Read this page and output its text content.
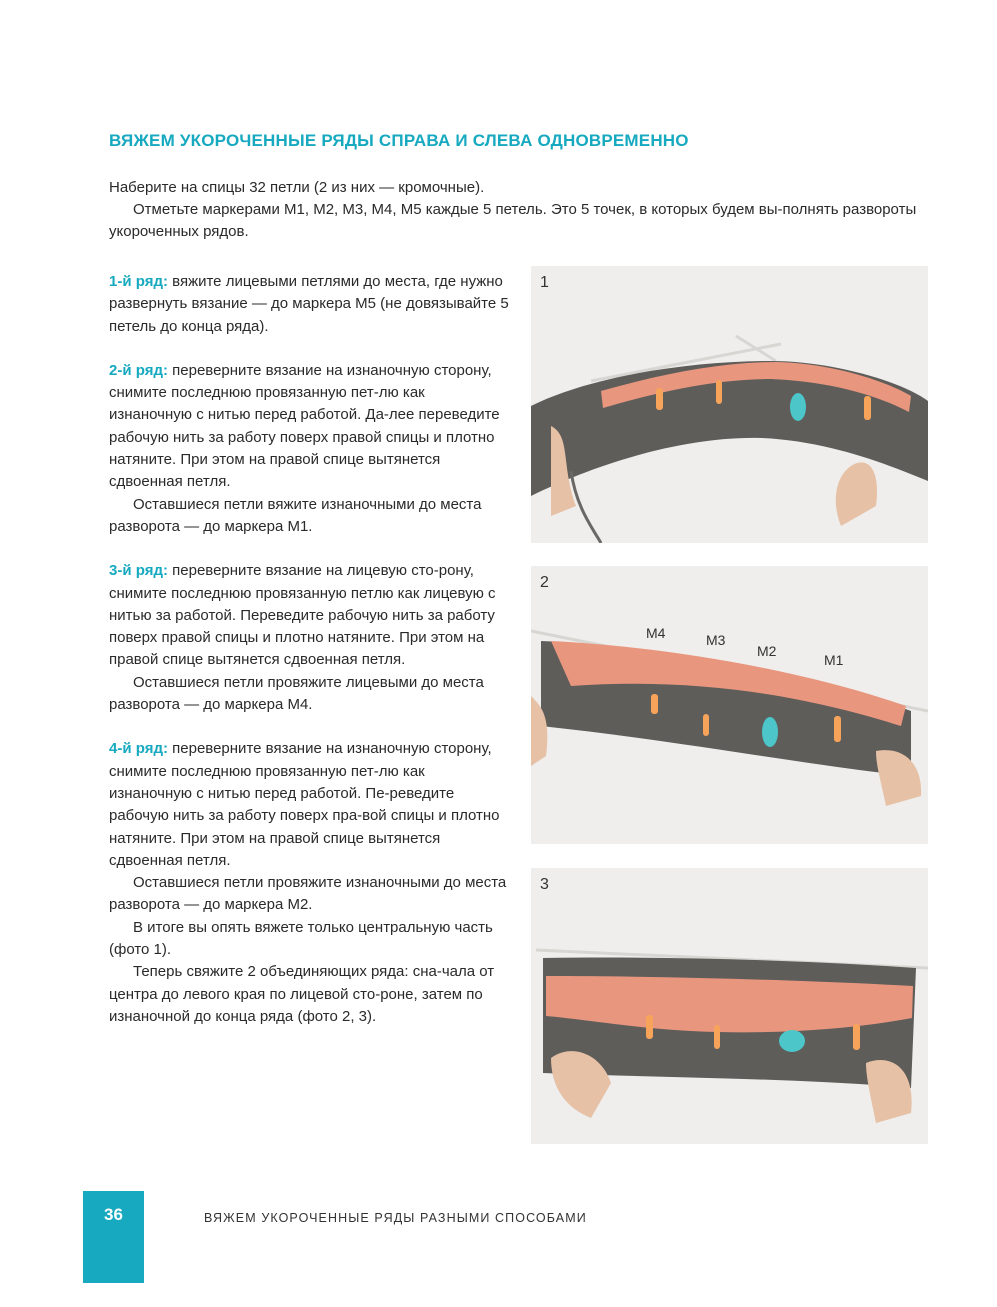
ВЯЖЕМ УКОРОЧЕННЫЕ РЯДЫ СПРАВА И СЛЕВА ОДНОВРЕМЕННО

Наберите на спицы 32 петли (2 из них — кромочные).

Отметьте маркерами М1, М2, М3, М4, М5 каждые 5 петель. Это 5 точек, в которых будем вы-полнять развороты укороченных рядов.

1-й ряд: вяжите лицевыми петлями до места, где нужно развернуть вязание — до маркера М5 (не довязывайте 5 петель до конца ряда).

2-й ряд: переверните вязание на изнаночную сторону, снимите последнюю провязанную пет-лю как изнаночную с нитью перед работой. Да-лее переведите рабочую нить за работу поверх правой спицы и плотно натяните. При этом на правой спице вытянется сдвоенная петля.

Оставшиеся петли вяжите изнаночными до места разворота — до маркера М1.

3-й ряд: переверните вязание на лицевую сто-рону, снимите последнюю провязанную петлю как лицевую с нитью за работой. Переведите рабочую нить за работу поверх правой спицы и плотно натяните. При этом на правой спице вытянется сдвоенная петля.

Оставшиеся петли провяжите лицевыми до места разворота — до маркера М4.

4-й ряд: переверните вязание на изнаночную сторону, снимите последнюю провязанную пет-лю как изнаночную с нитью перед работой. Пе-реведите рабочую нить за работу поверх пра-вой спицы и плотно натяните. При этом на правой спице вытянется сдвоенная петля.

Оставшиеся петли провяжите изнаночными до места разворота — до маркера М2.

В итоге вы опять вяжете только центральную часть (фото 1).

Теперь свяжите 2 объединяющих ряда: сна-чала от центра до левого края по лицевой сто-роне, затем по изнаночной до конца ряда (фото 2, 3).

1
2
М4	М3
М2
М1
3
36	ВЯЖЕМ УКОРОЧЕННЫЕ РЯДЫ РАЗНЫМИ СПОСОБАМИ
